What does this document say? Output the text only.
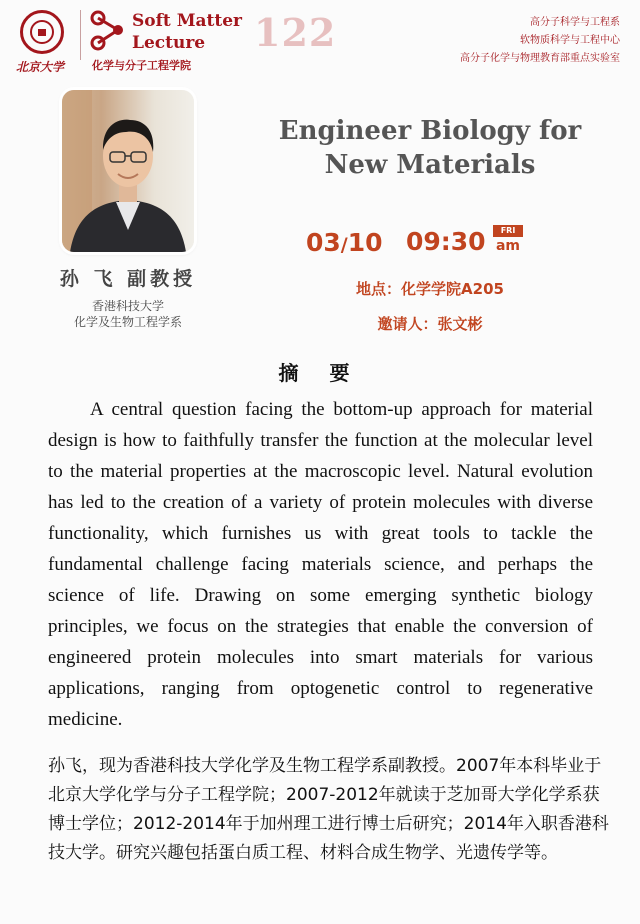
北京大学
Soft Matter
Lecture	122
化学与分子工程学院
高分子科学与工程系
软物质科学与工程中心
高分子化学与物理教育部重点实验室
孙 飞 副教授
香港科技大学
化学及生物工程学系
Engineer Biology for
New Materials
03/10 09:30	FRI
am
地点：化学学院A205
邀请人：张文彬
摘 要
A central question facing the bottom-up approach for material design is how to faithfully transfer the function at the molecular level to the material properties at the macroscopic level. Natural evolution has led to the creation of a variety of protein molecules with diverse functionality, which furnishes us with great tools to tackle the fundamental challenge facing materials science, and perhaps the science of life. Drawing on some emerging synthetic biology principles, we focus on the strategies that enable the conversion of engineered protein molecules into smart materials for various applications, ranging from optogenetic control to regenerative medicine.
孙飞，现为香港科技大学化学及生物工程学系副教授。2007年本科毕业于北京大学化学与分子工程学院；2007-2012年就读于芝加哥大学化学系获博士学位；2012-2014年于加州理工进行博士后研究；2014年入职香港科技大学。研究兴趣包括蛋白质工程、材料合成生物学、光遗传学等。
